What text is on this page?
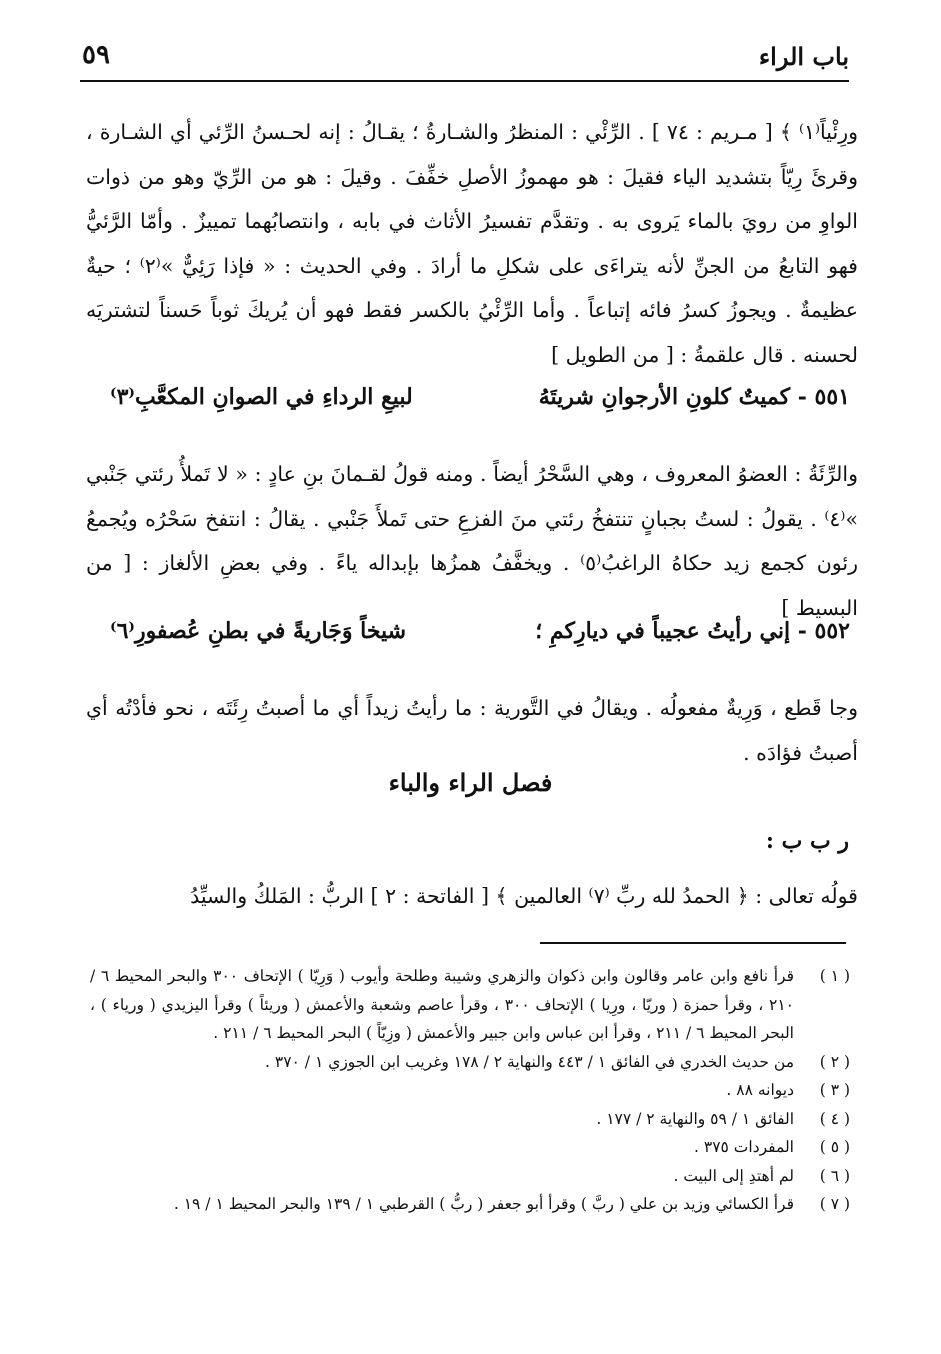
باب الراء
٥٩

ورِئْياً⁽١⁾ ﴾ [ مـريم : ٧٤ ] . الرِّئْي : المنظرُ والشـارةُ ؛ يقـالُ : إنه لحـسنُ الرِّئي أي الشـارة ، وقرئَ رِيّاً بتشديد الياء فقيلَ : هو مهموزُ الأصلِ خفِّفَ . وقيلَ : هو من الرِّيّ وهو من ذوات الواوِ من رويَ بالماء يَروى به . وتقدَّم تفسيرُ الأثاث في بابه ، وانتصابُهما تمييزٌ . وأمّا الرَّئيُّ فهو التابعُ من الجنِّ لأنه يتراءَى على شكلِ ما أرادَ . وفي الحديث : « فإذا رَئِيٌّ »⁽٢⁾ ؛ حيةٌ عظيمةٌ . ويجوزُ كسرُ فائه إتباعاً . وأما الرِّئْيُ بالكسر فقط فهو أن يُريكَ ثوباً حَسناً لتشتريَه لحسنه . قال علقمةُ : [ من الطويل ]

٥٥١ - كميتٌ كلونِ الأرجوانِ شريتَهُ
لبيعِ الرداءِ في الصوانِ المكعَّبِ⁽٣⁾

والرِّئَةُ : العضوُ المعروف ، وهي السَّحْرُ أيضاً . ومنه قولُ لقـمانَ بنِ عادٍ : « لا تَملأُ رئتي جَنْبي »⁽٤⁾ . يقولُ : لستُ بجبانٍ تنتفخُ رئتي منَ الفزعِ حتى تَملأَ جَنْبي . يقالُ : انتفخ سَحْرُه ويُجمعُ رئون كجمع زيد حكاهُ الراغبُ⁽٥⁾ . ويخفَّفُ همزُها بإبداله ياءً . وفي بعضِ الألغاز : [ من البسيط ]

٥٥٢ - إني رأيتُ عجيباً في ديارِكمِ ؛
شيخاً وَجَاريةً في بطنِ عُصفورِ⁽٦⁾

وجا قَطع ، وَرِيةٌ مفعولُه . ويقالُ في التَّورية : ما رأيتُ زيداً أي ما أصبتُ رِئَتَه ، نحو فأدْتُه أي أصبتُ فؤادَه .

فصل الراء والباء
ر ب ب :

قولُه تعالى : ﴿ الحمدُ لله ربِّ ⁽٧⁾ العالمين ﴾ [ الفاتحة : ٢ ] الربُّ : المَلكُ والسيِّدُ

( ١ )
قرأ نافع وابن عامر وقالون وابن ذكوان والزهري وشيبة وطلحة وأيوب ( وَرِيّا ) الإتحاف ٣٠٠ والبحر المحيط ٦ / ٢١٠ ، وقرأ حمزة ( وريّا ، ورِيا ) الإتحاف ٣٠٠ ، وقرأ عاصم وشعبة والأعمش ( وريئاً ) وقرأ اليزيدي ( ورياء ) ، البحر المحيط ٦ / ٢١١ ، وقرأ ابن عباس وابن جبير والأعمش ( وزِيّاً ) البحر المحيط ٦ / ٢١١ .
( ٢ )
من حديث الخدري في الفائق ١ / ٤٤٣ والنهاية ٢ / ١٧٨ وغريب ابن الجوزي ١ / ٣٧٠ .
( ٣ )
ديوانه ٨٨ .
( ٤ )
الفائق ١ / ٥٩ والنهاية ٢ / ١٧٧ .
( ٥ )
المفردات ٣٧٥ .
( ٦ )
لم أهتدِ إلى البيت .
( ٧ )
قرأ الكسائي وزيد بن علي ( ربَّ ) وقرأ أبو جعفر ( ربُّ ) القرطبي ١ / ١٣٩ والبحر المحيط ١ / ١٩ .
